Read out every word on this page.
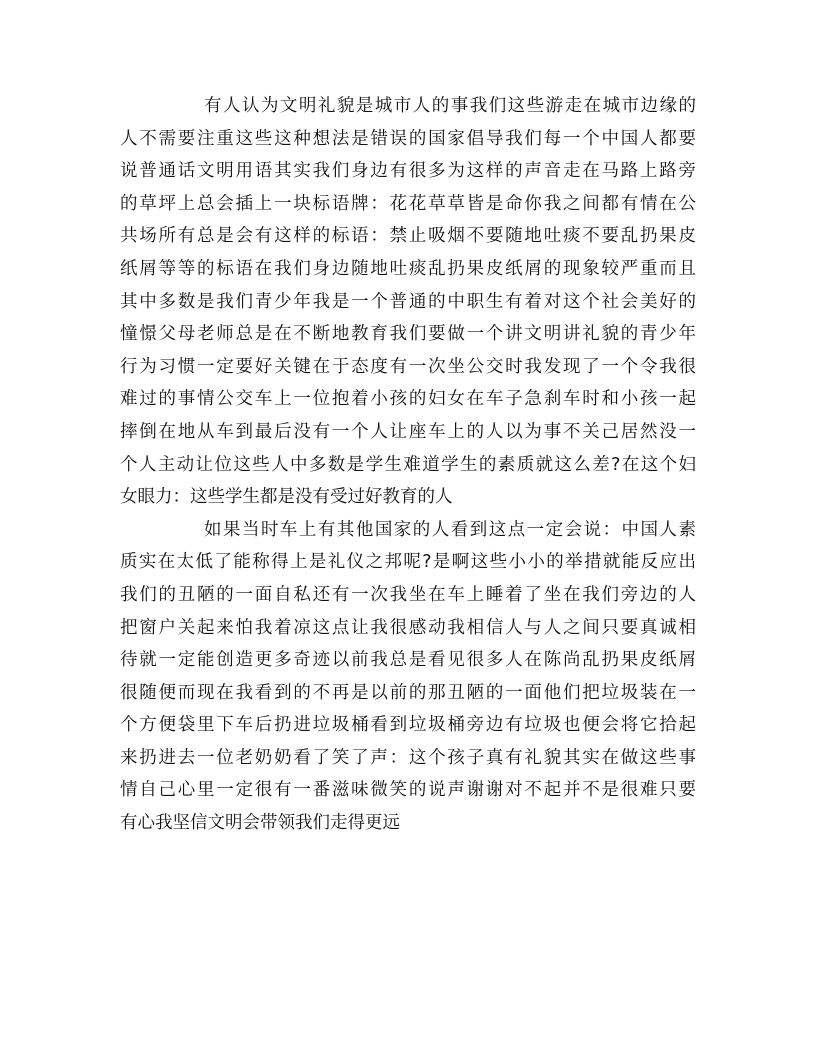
有人认为文明礼貌是城市人的事我们这些游走在城市边缘的
人不需要注重这些这种想法是错误的国家倡导我们每一个中国人都要
说普通话文明用语其实我们身边有很多为这样的声音走在马路上路旁
的草坪上总会插上一块标语牌：花花草草皆是命你我之间都有情在公
共场所有总是会有这样的标语：禁止吸烟不要随地吐痰不要乱扔果皮
纸屑等等的标语在我们身边随地吐痰乱扔果皮纸屑的现象较严重而且
其中多数是我们青少年我是一个普通的中职生有着对这个社会美好的
憧憬父母老师总是在不断地教育我们要做一个讲文明讲礼貌的青少年
行为习惯一定要好关键在于态度有一次坐公交时我发现了一个令我很
难过的事情公交车上一位抱着小孩的妇女在车子急刹车时和小孩一起
摔倒在地从车到最后没有一个人让座车上的人以为事不关己居然没一
个人主动让位这些人中多数是学生难道学生的素质就这么差?在这个妇
女眼力：这些学生都是没有受过好教育的人
如果当时车上有其他国家的人看到这点一定会说：中国人素
质实在太低了能称得上是礼仪之邦呢?是啊这些小小的举措就能反应出
我们的丑陋的一面自私还有一次我坐在车上睡着了坐在我们旁边的人
把窗户关起来怕我着凉这点让我很感动我相信人与人之间只要真诚相
待就一定能创造更多奇迹以前我总是看见很多人在陈尚乱扔果皮纸屑
很随便而现在我看到的不再是以前的那丑陋的一面他们把垃圾装在一
个方便袋里下车后扔进垃圾桶看到垃圾桶旁边有垃圾也便会将它拾起
来扔进去一位老奶奶看了笑了声：这个孩子真有礼貌其实在做这些事
情自己心里一定很有一番滋味微笑的说声谢谢对不起并不是很难只要
有心我坚信文明会带领我们走得更远
